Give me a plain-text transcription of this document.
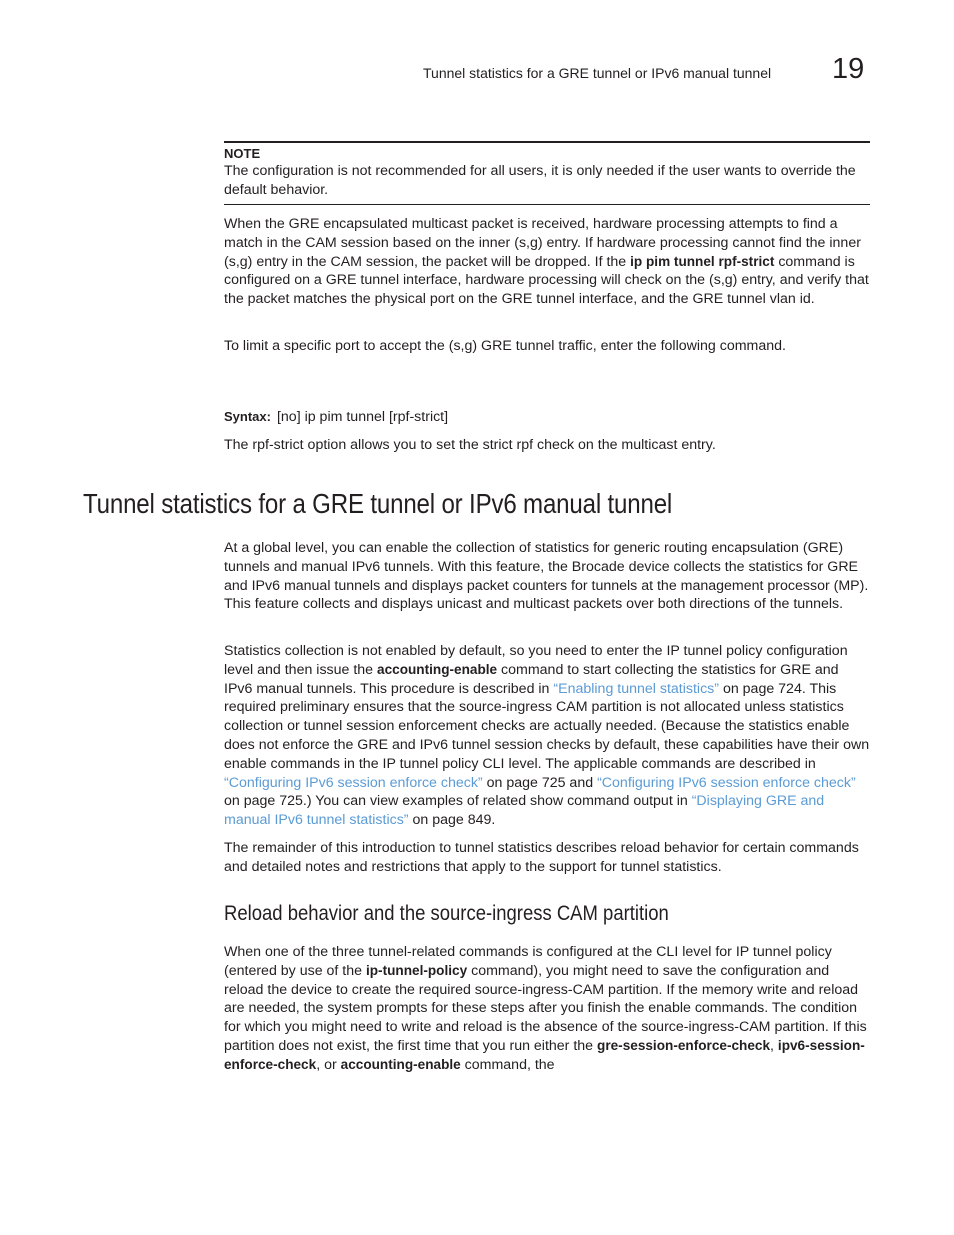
Tunnel statistics for a GRE tunnel or IPv6 manual tunnel 19
NOTE
The configuration is not recommended for all users, it is only needed if the user wants to override the default behavior.
When the GRE encapsulated multicast packet is received, hardware processing attempts to find a match in the CAM session based on the inner (s,g) entry. If hardware processing cannot find the inner (s,g) entry in the CAM session, the packet will be dropped. If the ip pim tunnel rpf-strict command is configured on a GRE tunnel interface, hardware processing will check on the (s,g) entry, and verify that the packet matches the physical port on the GRE tunnel interface, and the GRE tunnel vlan id.
To limit a specific port to accept the (s,g) GRE tunnel traffic, enter the following command.
Syntax: [no] ip pim tunnel [rpf-strict]
The rpf-strict option allows you to set the strict rpf check on the multicast entry.
Tunnel statistics for a GRE tunnel or IPv6 manual tunnel
At a global level, you can enable the collection of statistics for generic routing encapsulation (GRE) tunnels and manual IPv6 tunnels. With this feature, the Brocade device collects the statistics for GRE and IPv6 manual tunnels and displays packet counters for tunnels at the management processor (MP). This feature collects and displays unicast and multicast packets over both directions of the tunnels.
Statistics collection is not enabled by default, so you need to enter the IP tunnel policy configuration level and then issue the accounting-enable command to start collecting the statistics for GRE and IPv6 manual tunnels. This procedure is described in “Enabling tunnel statistics” on page 724. This required preliminary ensures that the source-ingress CAM partition is not allocated unless statistics collection or tunnel session enforcement checks are actually needed. (Because the statistics enable does not enforce the GRE and IPv6 tunnel session checks by default, these capabilities have their own enable commands in the IP tunnel policy CLI level. The applicable commands are described in “Configuring IPv6 session enforce check” on page 725 and “Configuring IPv6 session enforce check” on page 725.) You can view examples of related show command output in “Displaying GRE and manual IPv6 tunnel statistics” on page 849.
The remainder of this introduction to tunnel statistics describes reload behavior for certain commands and detailed notes and restrictions that apply to the support for tunnel statistics.
Reload behavior and the source-ingress CAM partition
When one of the three tunnel-related commands is configured at the CLI level for IP tunnel policy (entered by use of the ip-tunnel-policy command), you might need to save the configuration and reload the device to create the required source-ingress-CAM partition. If the memory write and reload are needed, the system prompts for these steps after you finish the enable commands. The condition for which you might need to write and reload is the absence of the source-ingress-CAM partition. If this partition does not exist, the first time that you run either the gre-session-enforce-check, ipv6-session-enforce-check, or accounting-enable command, the
